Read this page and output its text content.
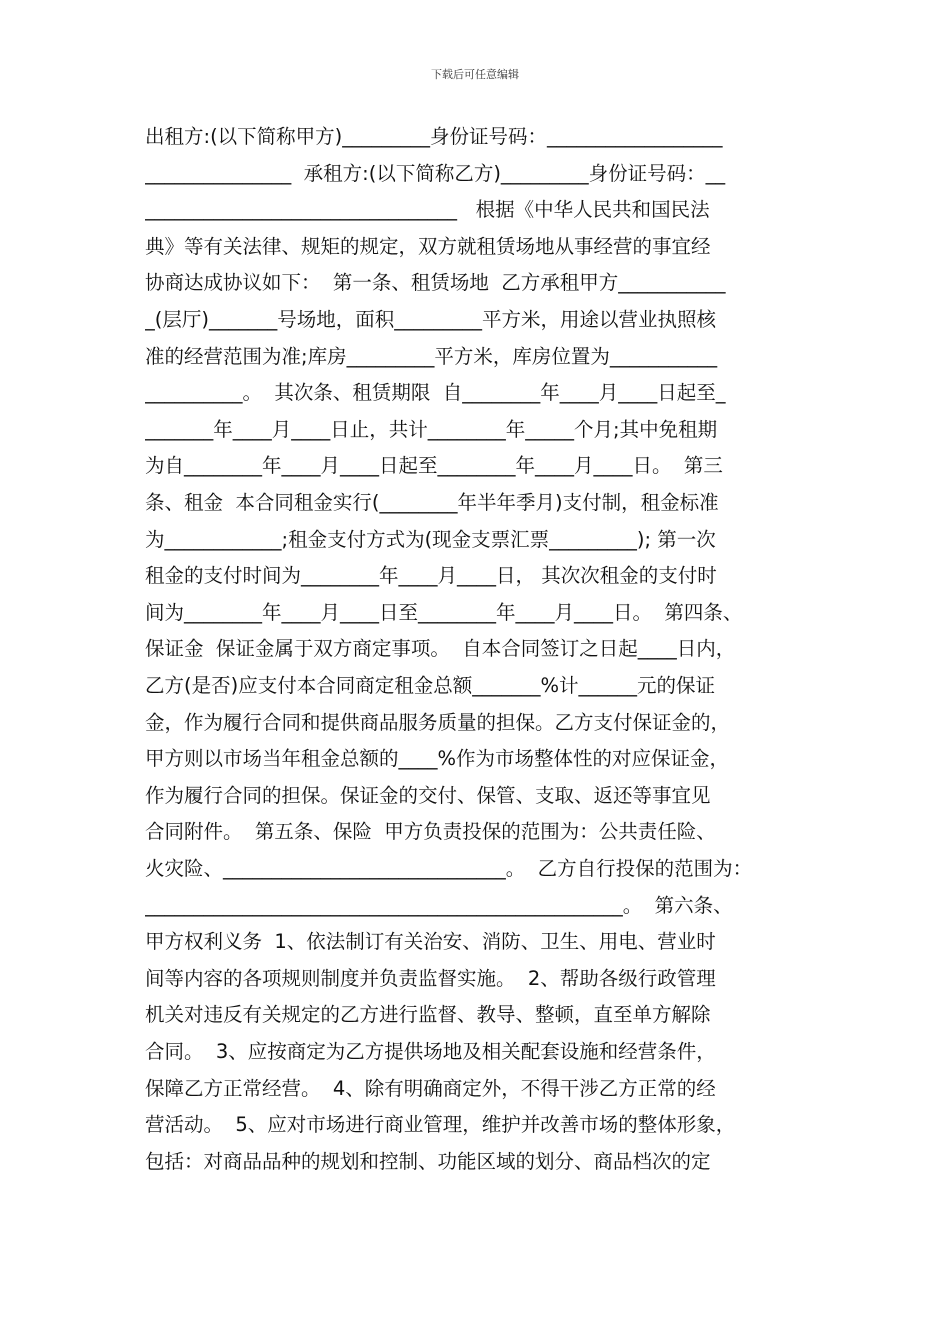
下载后可任意编辑
出租方:(以下简称甲方)_________身份证号码：__________________
_______________  承租方:(以下简称乙方)_________身份证号码：__
________________________________   根据《中华人民共和国民法
典》等有关法律、规矩的规定，双方就租赁场地从事经营的事宜经
协商达成协议如下：  第一条、租赁场地  乙方承租甲方___________
_(层厅)_______号场地，面积_________平方米，用途以营业执照核
准的经营范围为准;库房_________平方米，库房位置为___________
__________。  其次条、租赁期限  自________年____月____日起至_
_______年____月____日止，共计________年_____个月;其中免租期
为自________年____月____日起至________年____月____日。  第三
条、租金  本合同租金实行(________年半年季月)支付制，租金标准
为____________;租金支付方式为(现金支票汇票_________); 第一次
租金的支付时间为________年____月____日， 其次次租金的支付时
间为________年____月____日至________年____月____日。  第四条、
保证金  保证金属于双方商定事项。  自本合同签订之日起____日内，
乙方(是否)应支付本合同商定租金总额_______%计______元的保证
金，作为履行合同和提供商品服务质量的担保。乙方支付保证金的，
甲方则以市场当年租金总额的____%作为市场整体性的对应保证金，
作为履行合同的担保。保证金的交付、保管、支取、返还等事宜见
合同附件。  第五条、保险  甲方负责投保的范围为：公共责任险、
火灾险、_____________________________。  乙方自行投保的范围为：
_________________________________________________。  第六条、
甲方权利义务  1、依法制订有关治安、消防、卫生、用电、营业时
间等内容的各项规则制度并负责监督实施。  2、帮助各级行政管理
机关对违反有关规定的乙方进行监督、教导、整顿，直至单方解除
合同。  3、应按商定为乙方提供场地及相关配套设施和经营条件，
保障乙方正常经营。  4、除有明确商定外，不得干涉乙方正常的经
营活动。  5、应对市场进行商业管理，维护并改善市场的整体形象，
包括：对商品品种的规划和控制、功能区域的划分、商品档次的定
